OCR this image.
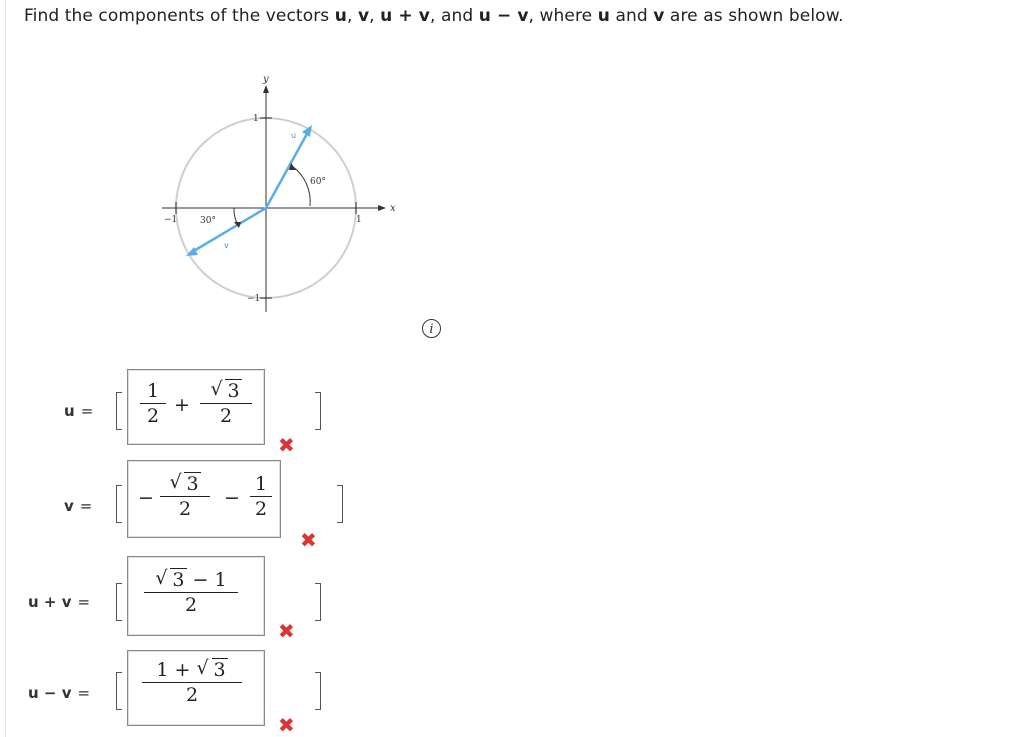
Find the components of the vectors u, v, u + v, and u − v, where u and v are as shown below.
x
y
1
−1
1
−1
u
v
60°
30°
i
u =
1
2
+
√ 3
2
✖
v = −
√ 3
2
−
1
2
✖
u + v =
√ 3 − 1
2
✖
u − v =
1 + √ 3
2
✖
